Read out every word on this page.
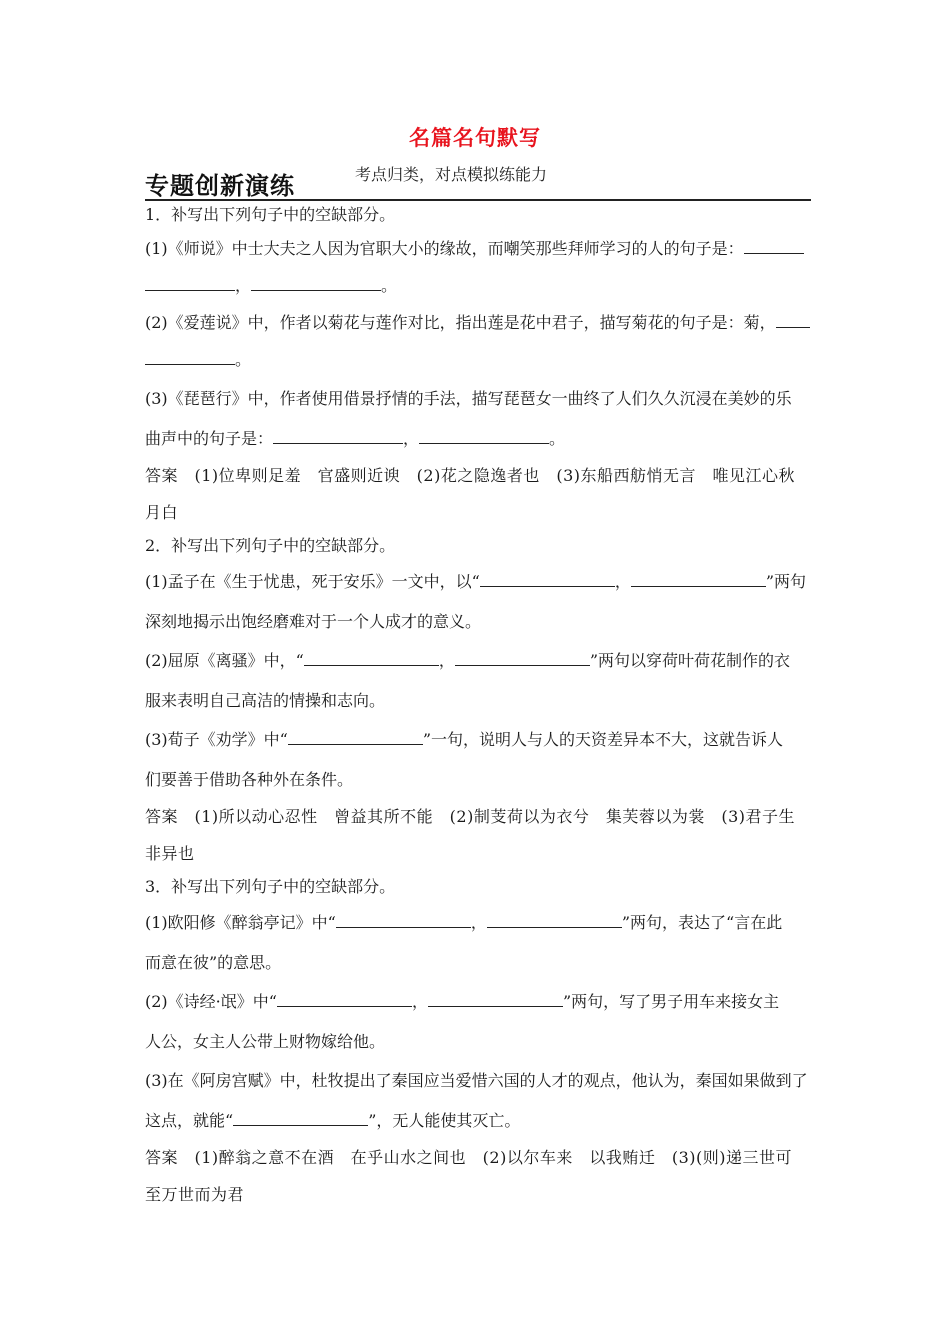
名篇名句默写
专题创新演练	考点归类，对点模拟练能力
1．补写出下列句子中的空缺部分。
(1)《师说》中士大夫之人因为官职大小的缘故，而嘲笑那些拜师学习的人的句子是：
，	。
(2)《爱莲说》中，作者以菊花与莲作对比，指出莲是花中君子，描写菊花的句子是：菊，
。
(3)《琵琶行》中，作者使用借景抒情的手法，描写琵琶女一曲终了人们久久沉浸在美妙的乐
曲声中的句子是：	，	。
答案　(1)位卑则足羞　官盛则近谀　(2)花之隐逸者也　(3)东船西舫悄无言　唯见江心秋
月白
2．补写出下列句子中的空缺部分。
(1)孟子在《生于忧患，死于安乐》一文中，以“	，	”两句
深刻地揭示出饱经磨难对于一个人成才的意义。
(2)屈原《离骚》中，“	，	”两句以穿荷叶荷花制作的衣
服来表明自己高洁的情操和志向。
(3)荀子《劝学》中“	”一句，说明人与人的天资差异本不大，这就告诉人
们要善于借助各种外在条件。
答案　(1)所以动心忍性　曾益其所不能　(2)制芰荷以为衣兮　集芙蓉以为裳　(3)君子生
非异也
3．补写出下列句子中的空缺部分。
(1)欧阳修《醉翁亭记》中“	，	”两句，表达了“言在此
而意在彼”的意思。
(2)《诗经·氓》中“	，	”两句，写了男子用车来接女主
人公，女主人公带上财物嫁给他。
(3)在《阿房宫赋》中，杜牧提出了秦国应当爱惜六国的人才的观点，他认为，秦国如果做到了
这点，就能“	”，无人能使其灭亡。
答案　(1)醉翁之意不在酒　在乎山水之间也　(2)以尔车来　以我贿迁　(3)(则)递三世可
至万世而为君
